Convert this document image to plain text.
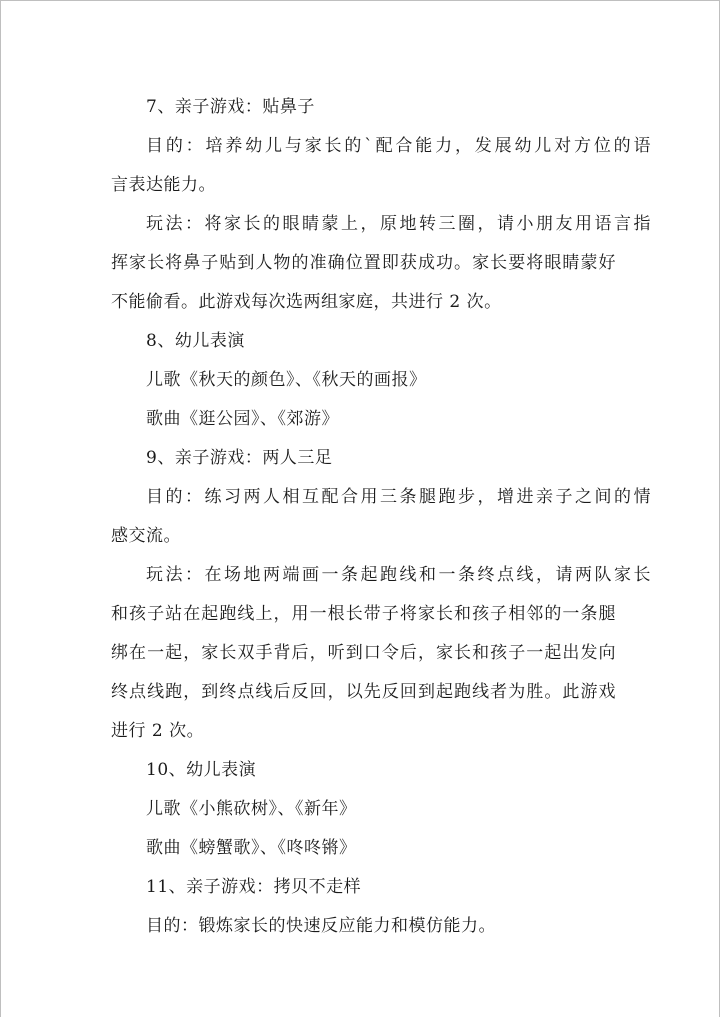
7、亲子游戏：贴鼻子

目的：培养幼儿与家长的`配合能力，发展幼儿对方位的语

言表达能力。

玩法：将家长的眼睛蒙上，原地转三圈，请小朋友用语言指

挥家长将鼻子贴到人物的准确位置即获成功。家长要将眼睛蒙好

不能偷看。此游戏每次选两组家庭，共进行 2 次。

8、幼儿表演

儿歌《秋天的颜色》、《秋天的画报》

歌曲《逛公园》、《郊游》

9、亲子游戏：两人三足

目的：练习两人相互配合用三条腿跑步，增进亲子之间的情

感交流。

玩法：在场地两端画一条起跑线和一条终点线，请两队家长

和孩子站在起跑线上，用一根长带子将家长和孩子相邻的一条腿

绑在一起，家长双手背后，听到口令后，家长和孩子一起出发向

终点线跑，到终点线后反回，以先反回到起跑线者为胜。此游戏

进行 2 次。

10、幼儿表演

儿歌《小熊砍树》、《新年》

歌曲《螃蟹歌》、《咚咚锵》

11、亲子游戏：拷贝不走样

目的：锻炼家长的快速反应能力和模仿能力。
